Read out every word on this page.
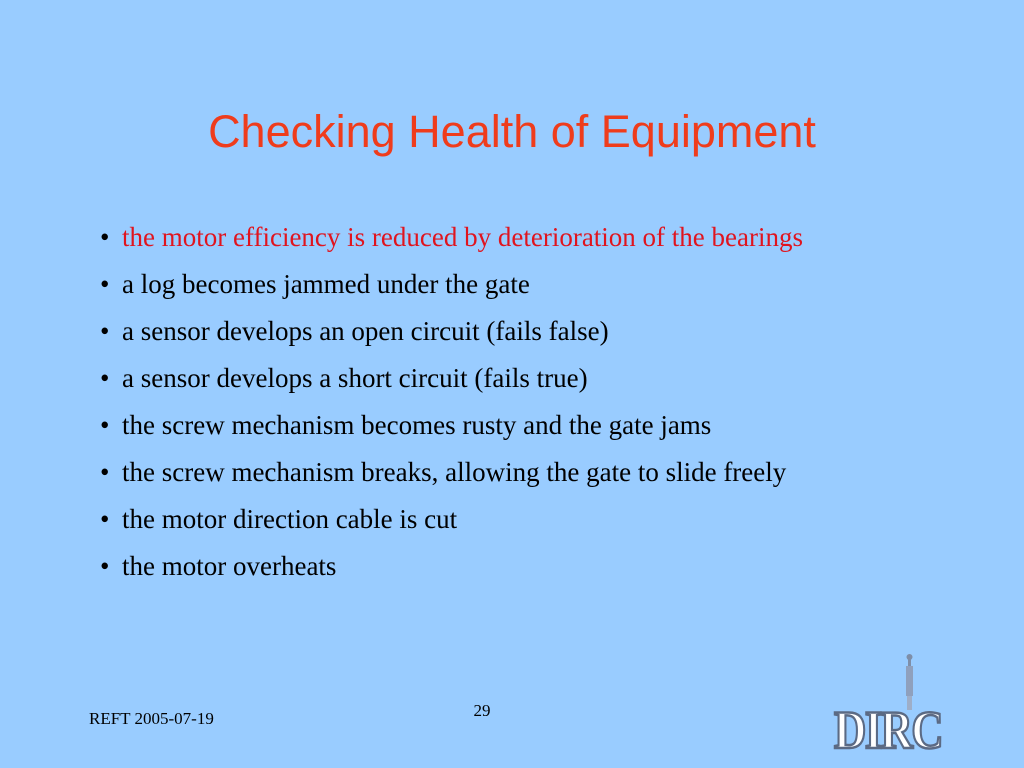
Checking Health of Equipment
• the motor efficiency is reduced by deterioration of the bearings
• a log becomes jammed under the gate
• a sensor develops an open circuit (fails false)
• a sensor develops a short circuit (fails true)
• the screw mechanism becomes rusty and the gate jams
• the screw mechanism breaks, allowing the gate to slide freely
• the motor direction cable is cut
• the motor overheats
REFT 2005-07-19	29	DIRC
